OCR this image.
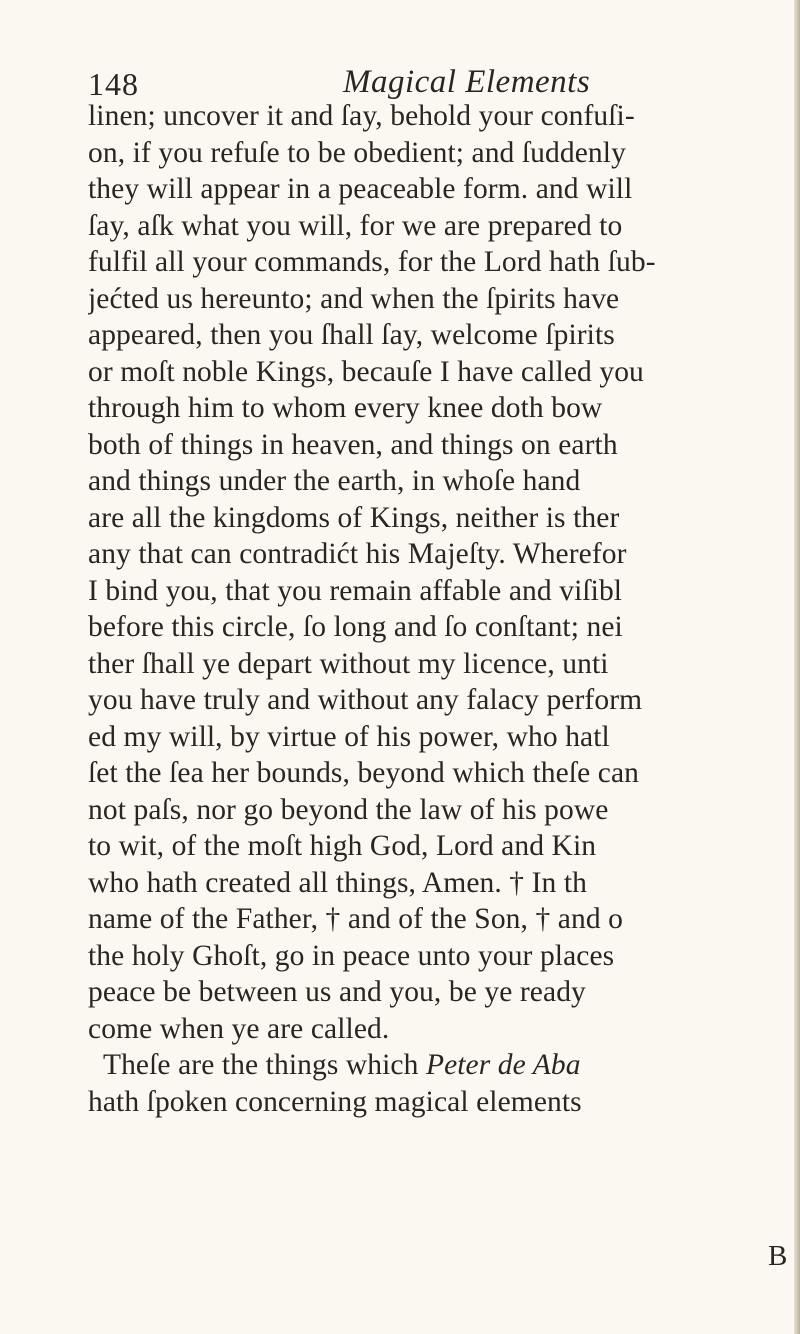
148	Magical Elements
linen; uncover it and ſay, behold your confuſi-
on, if you refuſe to be obedient; and ſuddenly
they will appear in a peaceable form. and will
ſay, aſk what you will, for we are prepared to
fulfil all your commands, for the Lord hath ſub-
jećted us hereunto; and when the ſpirits have
appeared, then you ſhall ſay, welcome ſpirits
or moſt noble Kings, becauſe I have called you
through him to whom every knee doth bow
both of things in heaven, and things on earth
and things under the earth, in whoſe hand
are all the kingdoms of Kings, neither is ther
any that can contradićt his Majeſty. Wherefor
I bind you, that you remain affable and viſibl
before this circle, ſo long and ſo conſtant; nei
ther ſhall ye depart without my licence, unti
you have truly and without any falacy perform
ed my will, by virtue of his power, who hatl
ſet the ſea her bounds, beyond which theſe can
not paſs, nor go beyond the law of his powe
to wit, of the moſt high God, Lord and Kin
who hath created all things, Amen. † In th
name of the Father, † and of the Son, † and o
the holy Ghoſt, go in peace unto your places
peace be between us and you, be ye ready
come when ye are called.
Theſe are the things which Peter de Aba
hath ſpoken concerning magical elements
B
